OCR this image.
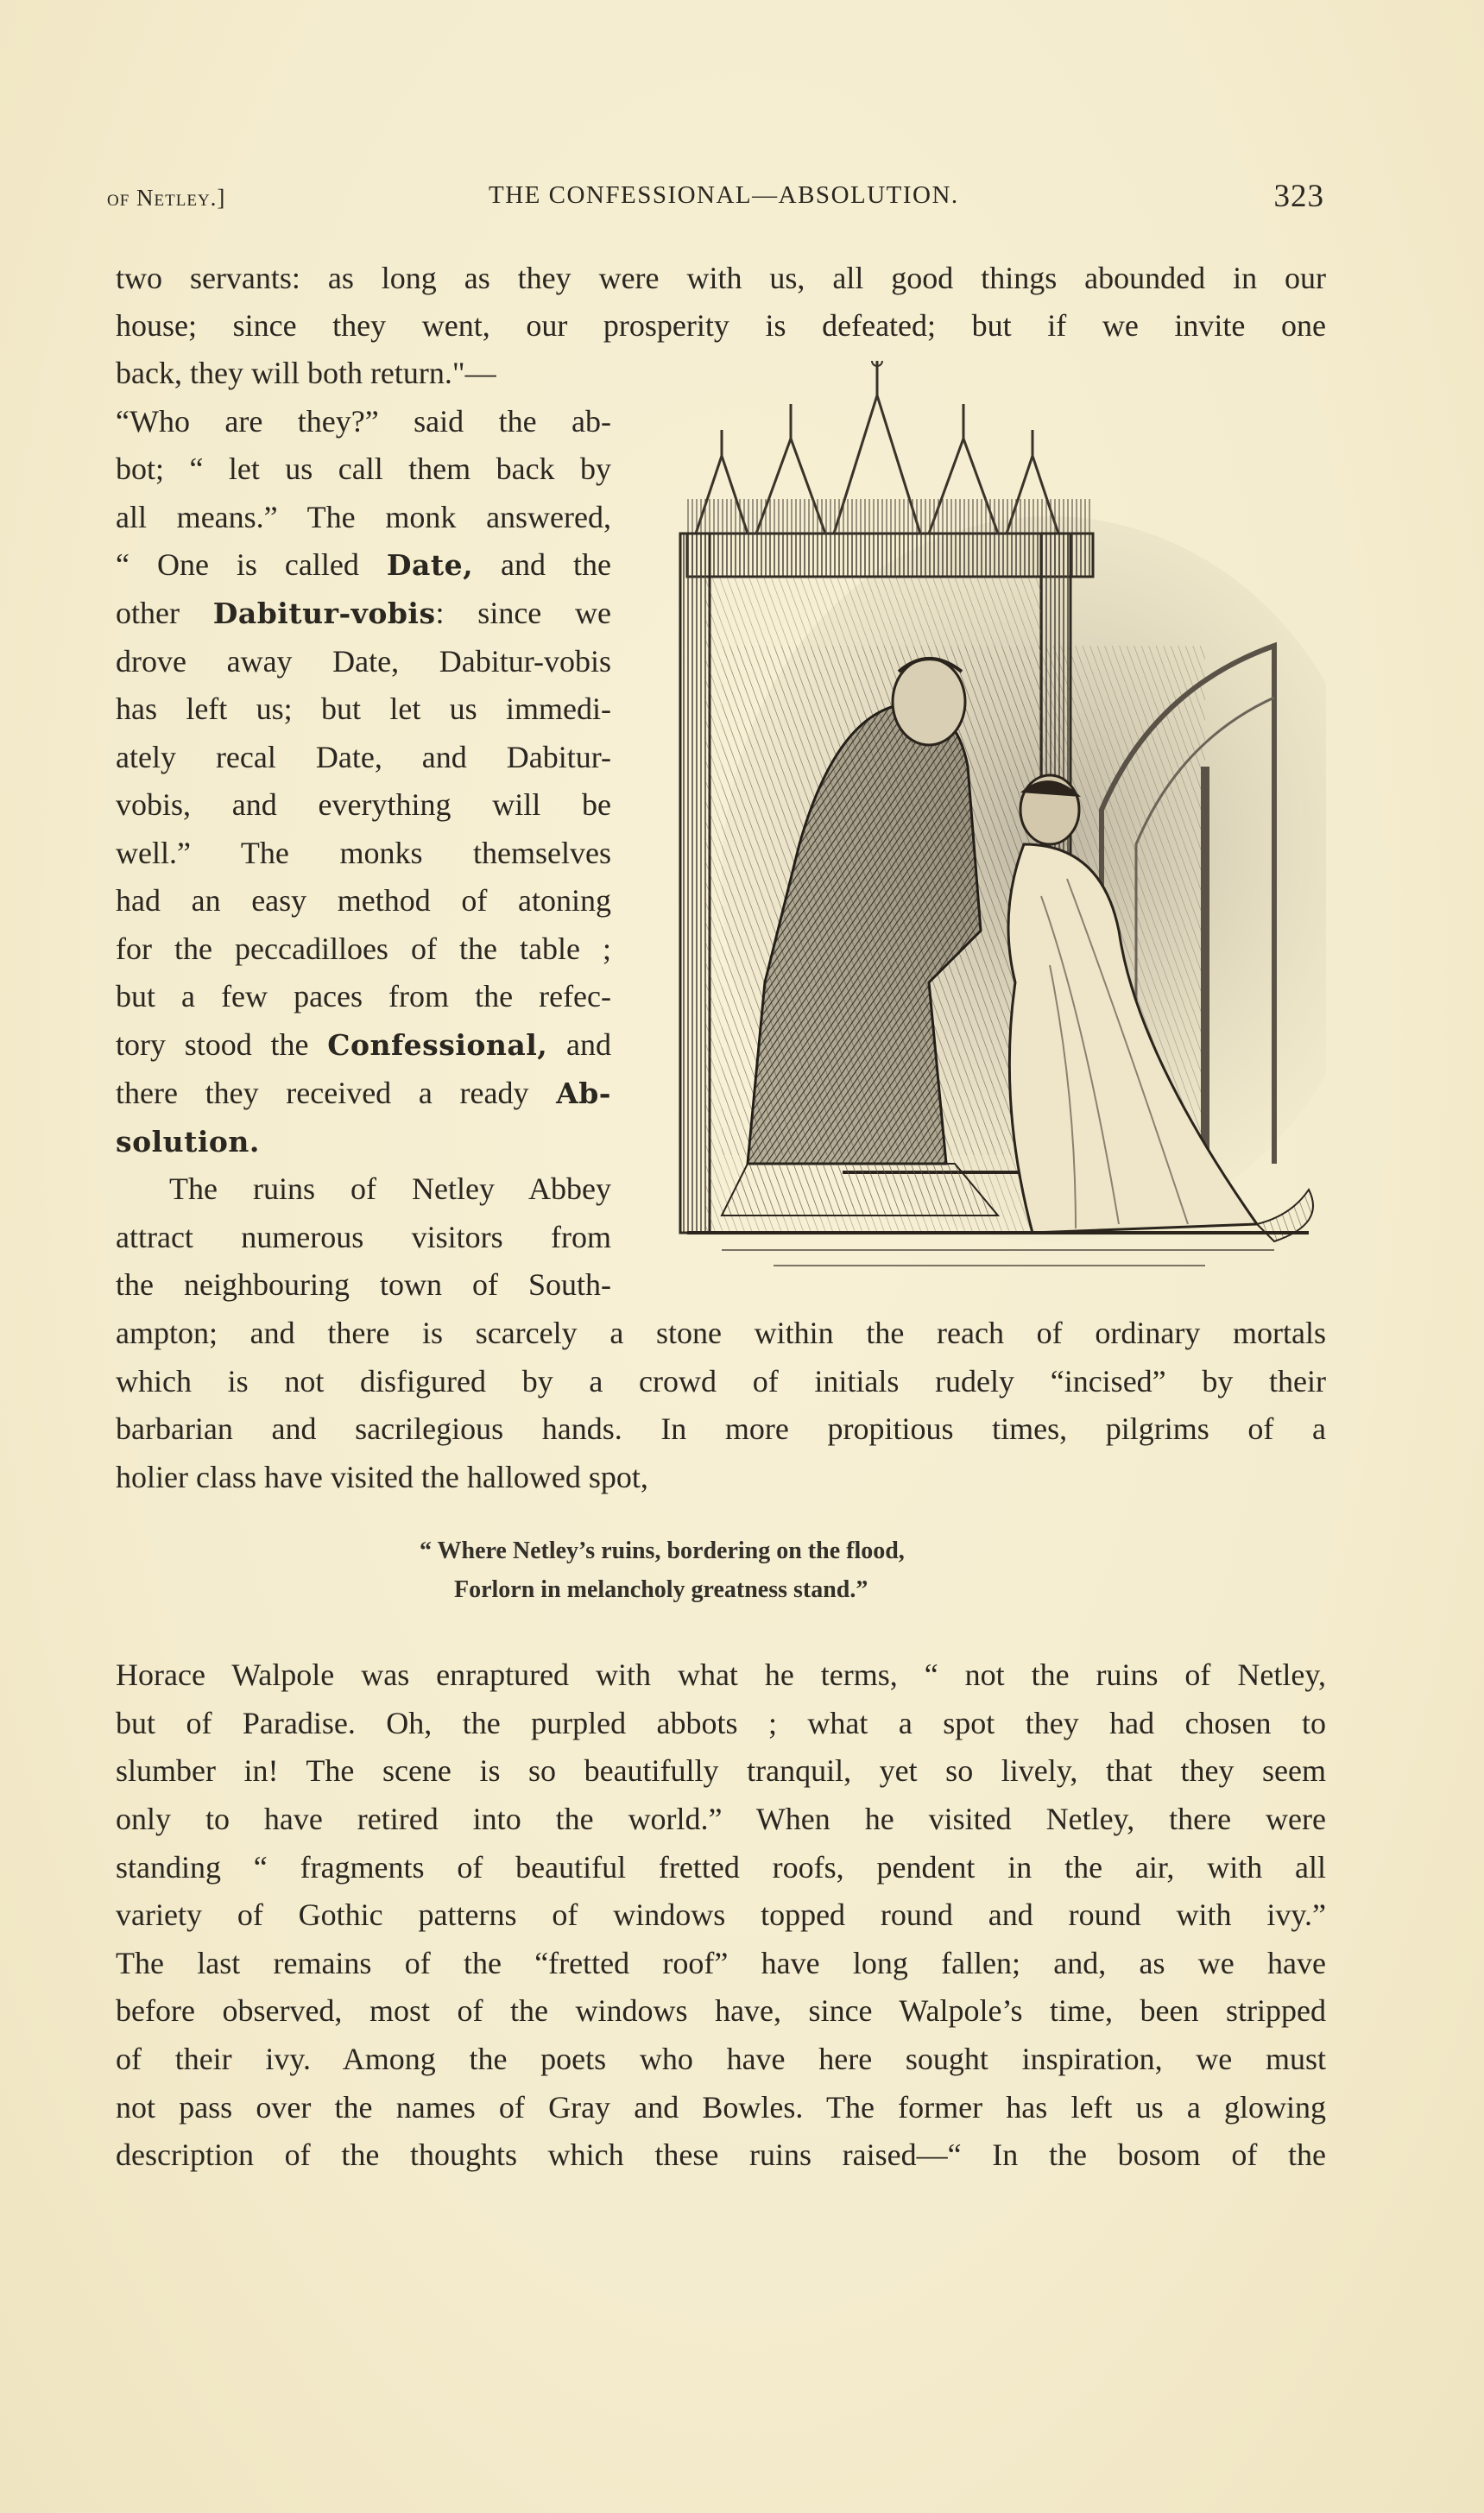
of Netley.]	THE CONFESSIONAL—ABSOLUTION.	323
two servants: as long as they were with us, all good things abounded in our
house; since they went, our prosperity is defeated; but if we invite one
back, they will both return."—
“Who are they?” said the ab-
bot; “ let us call them back by
all means.” The monk answered,
“ One is called Date, and the
other Dabitur-vobis: since we
drove away Date, Dabitur-vobis
has left us; but let us immedi-
ately recal Date, and Dabitur-
vobis, and everything will be
well.” The monks themselves
had an easy method of atoning
for the peccadilloes of the table ;
but a few paces from the refec-
tory stood the Confessional, and
there they received a ready Ab-
solution.
The ruins of Netley Abbey
attract numerous visitors from
the neighbouring town of South-
ampton; and there is scarcely a stone within the reach of ordinary mortals
which is not disfigured by a crowd of initials rudely “incised” by their
barbarian and sacrilegious hands. In more propitious times, pilgrims of a
holier class have visited the hallowed spot,
“ Where Netley’s ruins, bordering on the flood,
Forlorn in melancholy greatness stand.”
Horace Walpole was enraptured with what he terms, “ not the ruins of Netley,
but of Paradise. Oh, the purpled abbots ; what a spot they had chosen to
slumber in! The scene is so beautifully tranquil, yet so lively, that they seem
only to have retired into the world.” When he visited Netley, there were
standing “ fragments of beautiful fretted roofs, pendent in the air, with all
variety of Gothic patterns of windows topped round and round with ivy.”
The last remains of the “fretted roof” have long fallen; and, as we have
before observed, most of the windows have, since Walpole’s time, been stripped
of their ivy. Among the poets who have here sought inspiration, we must
not pass over the names of Gray and Bowles. The former has left us a glowing
description of the thoughts which these ruins raised—“ In the bosom of the
